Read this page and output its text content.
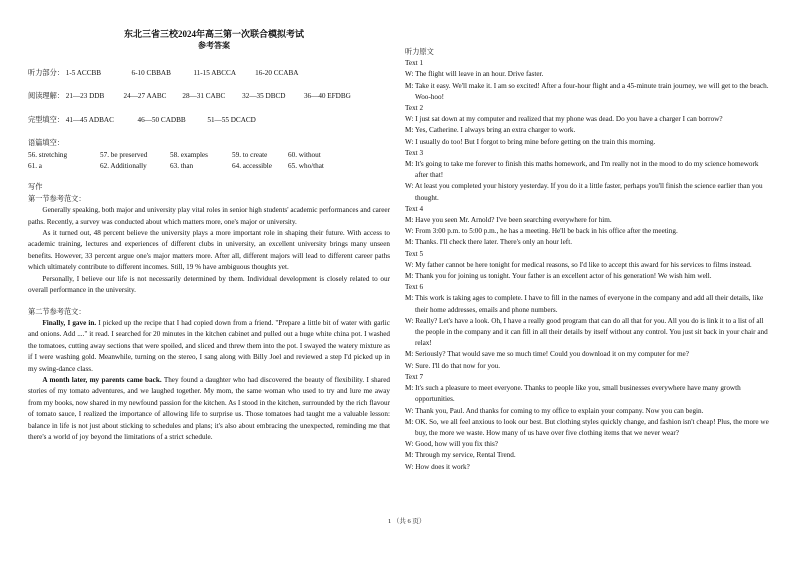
东北三省三校2024年高三第一次联合模拟考试
参考答案
听力部分： 1-5 ACCBB	6-10 CBBAB	11-15 ABCCA	16-20 CCABA
阅读理解： 21—23 DDB	24—27 AABC 28—31 CABC 32—35 DBCD	36—40 EFDBG
完型填空： 41—45 ADBAC	46—50 CADBB	51—55 DCACD
语篇填空：
56. stretching	57. be preserved	58. examples	59. to create	60. without
61. a	62. Additionally	63. than	64. accessible	65. who/that
写作
第一节参考范文：
Generally speaking, both major and university play vital roles in senior high students' academic performances and career paths. Recently, a survey was conducted about which matters more, one's major or university.
As it turned out, 48 percent believe the university plays a more important role in shaping their future. With access to academic training, lectures and experiences of different clubs in university, an excellent university brings many unseen benefits. However, 33 percent argue one's major matters more. After all, different majors will lead to different career paths which ultimately contribute to different incomes. Still, 19 % have ambiguous thoughts yet.
Personally, I believe our life is not necessarily determined by them. Individual development is closely related to our overall performance in the university.
第二节参考范文：
Finally, I gave in. I picked up the recipe that I had copied down from a friend. "Prepare a little bit of water with garlic and onions. Add ...." it read. I searched for 20 minutes in the kitchen cabinet and pulled out a huge white china pot. I washed the tomatoes, cutting away sections that were spoiled, and sliced and threw them into the pot. I swayed the watery mixture as if I were washing gold. Meanwhile, turning on the stereo, I sang along with Billy Joel and reviewed a step I'd picked up in my swing-dance class.
A month later, my parents came back. They found a daughter who had discovered the beauty of flexibility. I shared stories of my tomato adventures, and we laughed together. My mom, the same woman who used to try and lure me away from my books, now shared in my newfound passion for the kitchen. As I stood in the kitchen, surrounded by the rich flavour of tomato sauce, I realized the importance of allowing life to surprise us. Those tomatoes had taught me a valuable lesson: balance in life is not just about sticking to schedules and plans; it's also about embracing the unexpected, reminding me that there's a world of joy beyond the limitations of a strict schedule.
听力原文
Text 1
W: The flight will leave in an hour. Drive faster.
M: Take it easy. We'll make it. I am so excited! After a four-hour flight and a 45-minute train journey, we will get to the beach. Woo-hoo!
Text 2
W: I just sat down at my computer and realized that my phone was dead. Do you have a charger I can borrow?
M: Yes, Catherine. I always bring an extra charger to work.
W: I usually do too! But I forgot to bring mine before getting on the train this morning.
Text 3
M: It's going to take me forever to finish this maths homework, and I'm really not in the mood to do my science homework after that!
W: At least you completed your history yesterday. If you do it a little faster, perhaps you'll finish the science earlier than you thought.
Text 4
M: Have you seen Mr. Arnold? I've been searching everywhere for him.
W: From 3:00 p.m. to 5:00 p.m., he has a meeting. He'll be back in his office after the meeting.
M: Thanks. I'll check there later. There's only an hour left.
Text 5
W: My father cannot be here tonight for medical reasons, so I'd like to accept this award for his services to films instead.
M: Thank you for joining us tonight. Your father is an excellent actor of his generation! We wish him well.
Text 6
M: This work is taking ages to complete. I have to fill in the names of everyone in the company and add all their details, like their home addresses, emails and phone numbers.
W: Really? Let's have a look. Oh, I have a really good program that can do all that for you. All you do is link it to a list of all the people in the company and it can fill in all their details by itself without any control. You just sit back in your chair and relax!
M: Seriously? That would save me so much time! Could you download it on my computer for me?
W: Sure. I'll do that now for you.
Text 7
M: It's such a pleasure to meet everyone. Thanks to people like you, small businesses everywhere have many growth opportunities.
W: Thank you, Paul. And thanks for coming to my office to explain your company. Now you can begin.
M: OK. So, we all feel anxious to look our best. But clothing styles quickly change, and fashion isn't cheap! Plus, the more we buy, the more we waste. How many of us have over five clothing items that we never wear?
W: Good, how will you fix this?
M: Through my service, Rental Trend.
W: How does it work?
1 （共 6 页）
